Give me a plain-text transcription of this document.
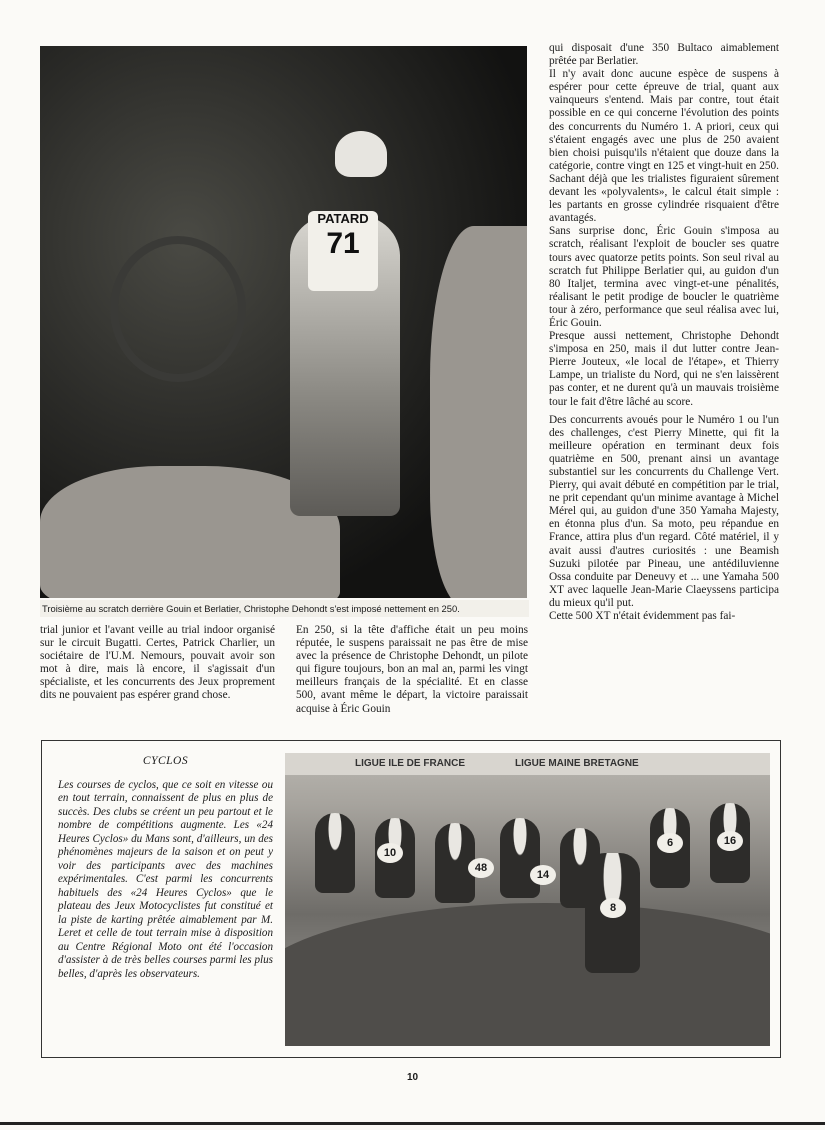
PATARD
71
Troisième au scratch derrière Gouin et Berlatier, Christophe Dehondt s'est imposé nettement en 250.

qui disposait d'une 350 Bultaco aimablement prêtée par Berlatier.

Il n'y avait donc aucune espèce de suspens à espérer pour cette épreuve de trial, quant aux vainqueurs s'entend. Mais par contre, tout était possible en ce qui concerne l'évolution des points des concurrents du Numéro 1. A priori, ceux qui s'étaient engagés avec une plus de 250 avaient bien choisi puisqu'ils n'étaient que douze dans la catégorie, contre vingt en 125 et vingt-huit en 250. Sachant déjà que les trialistes figuraient sûrement devant les «polyvalents», le calcul était simple : les partants en grosse cylindrée risquaient d'être avantagés.

Sans surprise donc, Éric Gouin s'imposa au scratch, réalisant l'exploit de boucler ses quatre tours avec quatorze petits points. Son seul rival au scratch fut Philippe Berlatier qui, au guidon d'un 80 Italjet, termina avec vingt-et-une pénalités, réalisant le petit prodige de boucler le quatrième tour à zéro, performance que seul réalisa avec lui, Éric Gouin.

Presque aussi nettement, Christophe Dehondt s'imposa en 250, mais il dut lutter contre Jean-Pierre Jouteux, «le local de l'étape», et Thierry Lampe, un trialiste du Nord, qui ne s'en laissèrent pas conter, et ne durent qu'à un mauvais troisième tour le fait d'être lâché au score.

Des concurrents avoués pour le Numéro 1 ou l'un des challenges, c'est Pierry Minette, qui fit la meilleure opération en terminant deux fois quatrième en 500, prenant ainsi un avantage substantiel sur les concurrents du Challenge Vert. Pierry, qui avait débuté en compétition par le trial, ne prit cependant qu'un minime avantage à Michel Mérel qui, au guidon d'une 350 Yamaha Majesty, en étonna plus d'un. Sa moto, peu répandue en France, attira plus d'un regard. Côté matériel, il y avait aussi d'autres curiosités : une Beamish Suzuki pilotée par Pineau, une antédiluvienne Ossa conduite par Deneuvy et ... une Yamaha 500 XT avec laquelle Jean-Marie Claeyssens participa du mieux qu'il put.

Cette 500 XT n'était évidemment pas fai-

trial junior et l'avant veille au trial indoor organisé sur le circuit Bugatti. Certes, Patrick Charlier, un sociétaire de l'U.M. Nemours, pouvait avoir son mot à dire, mais là encore, il s'agissait d'un spécialiste, et les concurrents des Jeux proprement dits ne pouvaient pas espérer grand chose.

En 250, si la tête d'affiche était un peu moins réputée, le suspens paraissait ne pas être de mise avec la présence de Christophe Dehondt, un pilote qui figure toujours, bon an mal an, parmi les vingt meilleurs français de la spécialité. Et en classe 500, avant même le départ, la victoire paraissait acquise à Éric Gouin

CYCLOS
Les courses de cyclos, que ce soit en vitesse ou en tout terrain, connaissent de plus en plus de succès. Des clubs se créent un peu partout et le nombre de compétitions augmente. Les «24 Heures Cyclos» du Mans sont, d'ailleurs, un des phénomènes majeurs de la saison et on peut y voir des participants avec des machines expérimentales. C'est parmi les concurrents habituels des «24 Heures Cyclos» que le plateau des Jeux Motocyclistes fut constitué et la piste de karting prêtée aimablement par M. Leret et celle de tout terrain mise à disposition au Centre Régional Moto ont été l'occasion d'assister à de très belles courses parmi les plus belles, d'après les observateurs.
LIGUE ILE DE FRANCE	LIGUE MAINE BRETAGNE
8
48
6
10
14
16
10
